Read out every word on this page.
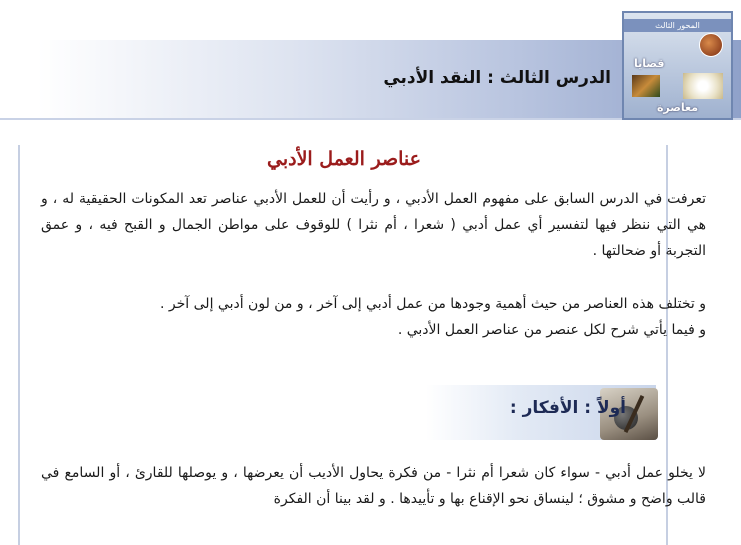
الدرس الثالث : النقد الأدبي
المحور الثالث
قضايا
معاصرة
عناصر العمل الأدبي
تعرفت في الدرس السابق على مفهوم العمل الأدبي ، و رأيت أن للعمل الأدبي عناصر تعد المكونات الحقيقية له ، و هي التي ننظر فيها لتفسير أي عمل أدبي ( شعرا ، أم نثرا ) للوقوف على مواطن الجمال و القبح فيه ، و عمق التجربة أو ضحالتها .
و تختلف هذه العناصر من حيث أهمية وجودها من عمل أدبي إلى آخر ، و من لون أدبي إلى آخر .
و فيما يأتي شرح لكل عنصر من عناصر العمل الأدبي .
أولاً : الأفكار :
لا يخلو عمل أدبي - سواء كان شعرا أم نثرا - من فكرة يحاول الأديب أن يعرضها ، و يوصلها للقارئ ، أو السامع في قالب واضح و مشوق ؛ لينساق نحو الإقناع بها و تأييدها . و لقد بينا أن الفكرة
